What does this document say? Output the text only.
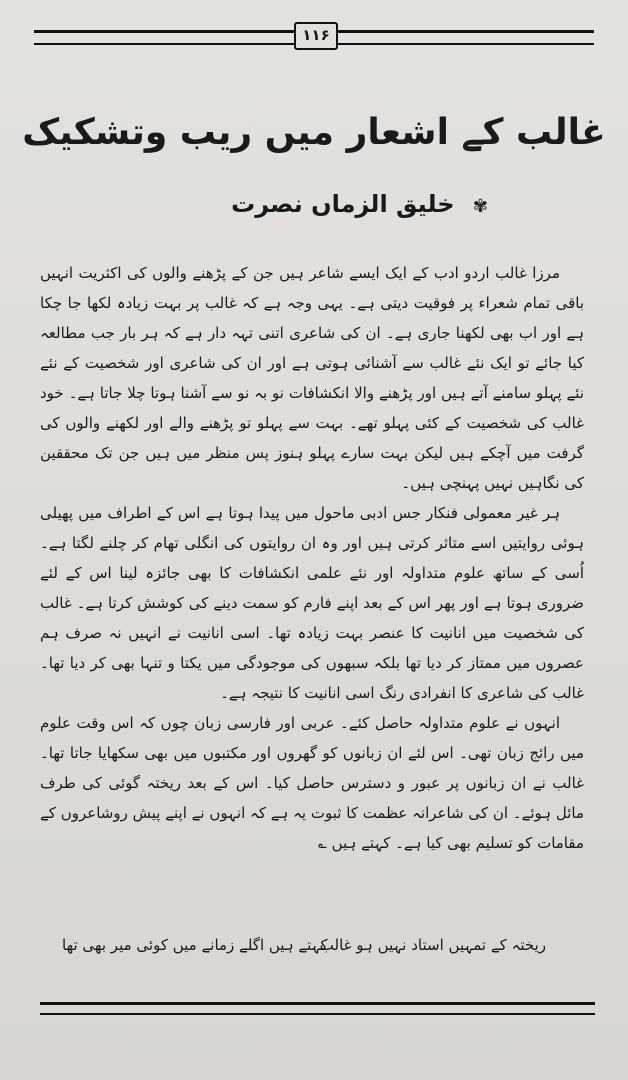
۱۱۶
غالب کے اشعار میں ریب وتشکیک
✾ خلیق الزماں نصرت

مرزا غالب اردو ادب کے ایک ایسے شاعر ہیں جن کے پڑھنے والوں کی اکثریت انہیں باقی تمام شعراء پر فوقیت دیتی ہے۔ یہی وجہ ہے کہ غالب پر بہت زیادہ لکھا جا چکا ہے اور اب بھی لکھنا جاری ہے۔ ان کی شاعری اتنی تہہ دار ہے کہ ہر بار جب مطالعہ کیا جائے تو ایک نئے غالب سے آشنائی ہوتی ہے اور ان کی شاعری اور شخصیت کے نئے نئے پہلو سامنے آتے ہیں اور پڑھنے والا انکشافات نو بہ نو سے آشنا ہوتا چلا جاتا ہے۔ خود غالب کی شخصیت کے کئی پہلو تھے۔ بہت سے پہلو تو پڑھنے والے اور لکھنے والوں کی گرفت میں آچکے ہیں لیکن بہت سارے پہلو ہنوز پس منظر میں ہیں جن تک محققین کی نگاہیں نہیں پہنچی ہیں۔

ہر غیر معمولی فنکار جس ادبی ماحول میں پیدا ہوتا ہے اس کے اطراف میں پھیلی ہوئی روایتیں اسے متاثر کرتی ہیں اور وہ ان روایتوں کی انگلی تھام کر چلنے لگتا ہے۔ اُسی کے ساتھ علوم متداولہ اور نئے علمی انکشافات کا بھی جائزہ لینا اس کے لئے ضروری ہوتا ہے اور پھر اس کے بعد اپنے فارم کو سمت دینے کی کوشش کرتا ہے۔ غالب کی شخصیت میں انانیت کا عنصر بہت زیادہ تھا۔ اسی انانیت نے انہیں نہ صرف ہم عصروں میں ممتاز کر دیا تھا بلکہ سبھوں کی موجودگی میں یکتا و تنہا بھی کر دیا تھا۔ غالب کی شاعری کا انفرادی رنگ اسی انانیت کا نتیجہ ہے۔

انہوں نے علوم متداولہ حاصل کئے۔ عربی اور فارسی زبان چوں کہ اس وقت علوم میں رائج زبان تھی۔ اس لئے ان زبانوں کو گھروں اور مکتبوں میں بھی سکھایا جاتا تھا۔ غالب نے ان زبانوں پر عبور و دسترس حاصل کیا۔ اس کے بعد ریختہ گوئی کی طرف مائل ہوئے۔ ان کی شاعرانہ عظمت کا ثبوت یہ ہے کہ انہوں نے اپنے پیش روشاعروں کے مقامات کو تسلیم بھی کیا ہے۔ کہتے ہیں ؎

ریختہ کے تمہیں استاد نہیں ہو غالب
کہتے ہیں اگلے زمانے میں کوئی میر بھی تھا
